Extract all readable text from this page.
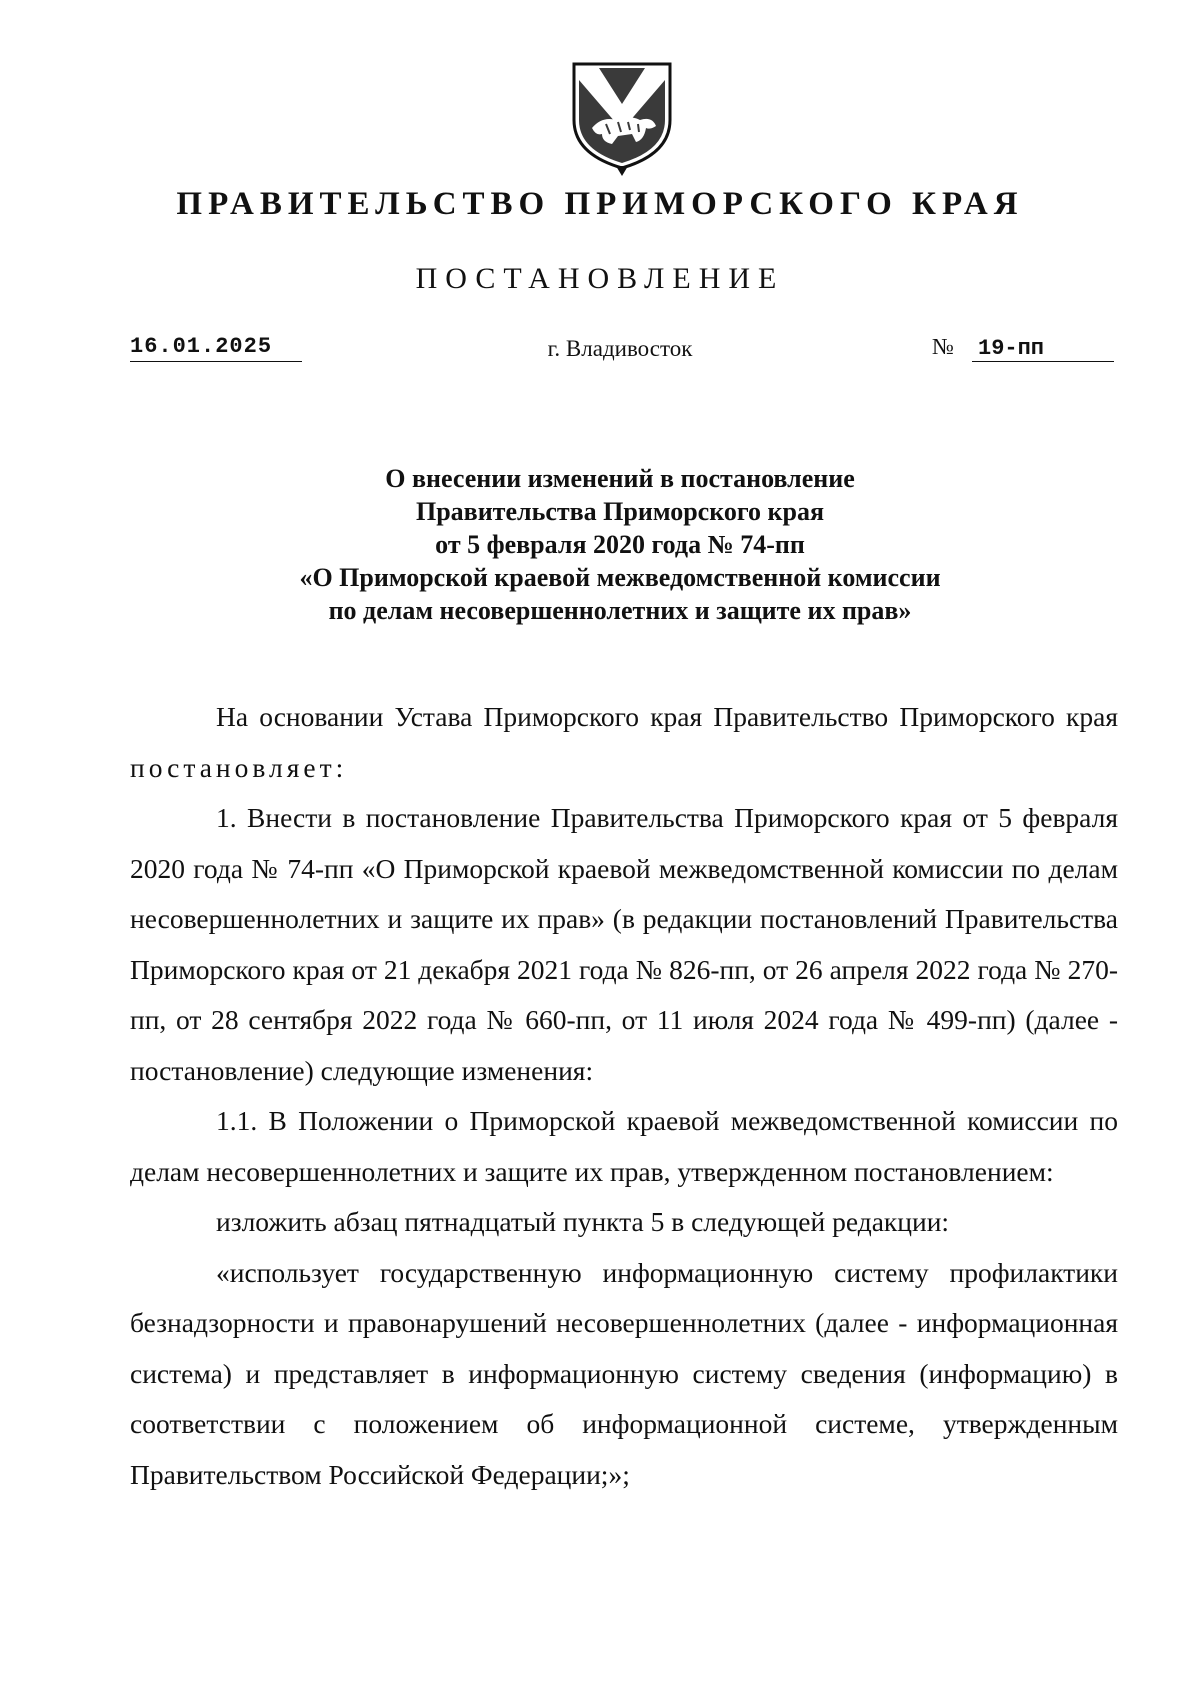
ПРАВИТЕЛЬСТВО ПРИМОРСКОГО КРАЯ
ПОСТАНОВЛЕНИЕ
16.01.2025	г. Владивосток	№ 19-пп
О внесении изменений в постановление
Правительства Приморского края
от 5 февраля 2020 года № 74-пп
«О Приморской краевой межведомственной комиссии
по делам несовершеннолетних и защите их прав»

На основании Устава Приморского края Правительство Приморского края постановляет:

1. Внести в постановление Правительства Приморского края от 5 февраля 2020 года № 74-пп «О Приморской краевой межведомственной комиссии по делам несовершеннолетних и защите их прав» (в редакции постановлений Правительства Приморского края от 21 декабря 2021 года № 826-пп, от 26 апреля 2022 года № 270-пп, от 28 сентября 2022 года № 660-пп, от 11 июля 2024 года № 499-пп) (далее - постановление) следующие изменения:

1.1. В Положении о Приморской краевой межведомственной комиссии по делам несовершеннолетних и защите их прав, утвержденном постановлением:

изложить абзац пятнадцатый пункта 5 в следующей редакции:

«использует государственную информационную систему профилактики безнадзорности и правонарушений несовершеннолетних (далее - информационная система) и представляет в информационную систему сведения (информацию) в соответствии с положением об информационной системе, утвержденным Правительством Российской Федерации;»;
